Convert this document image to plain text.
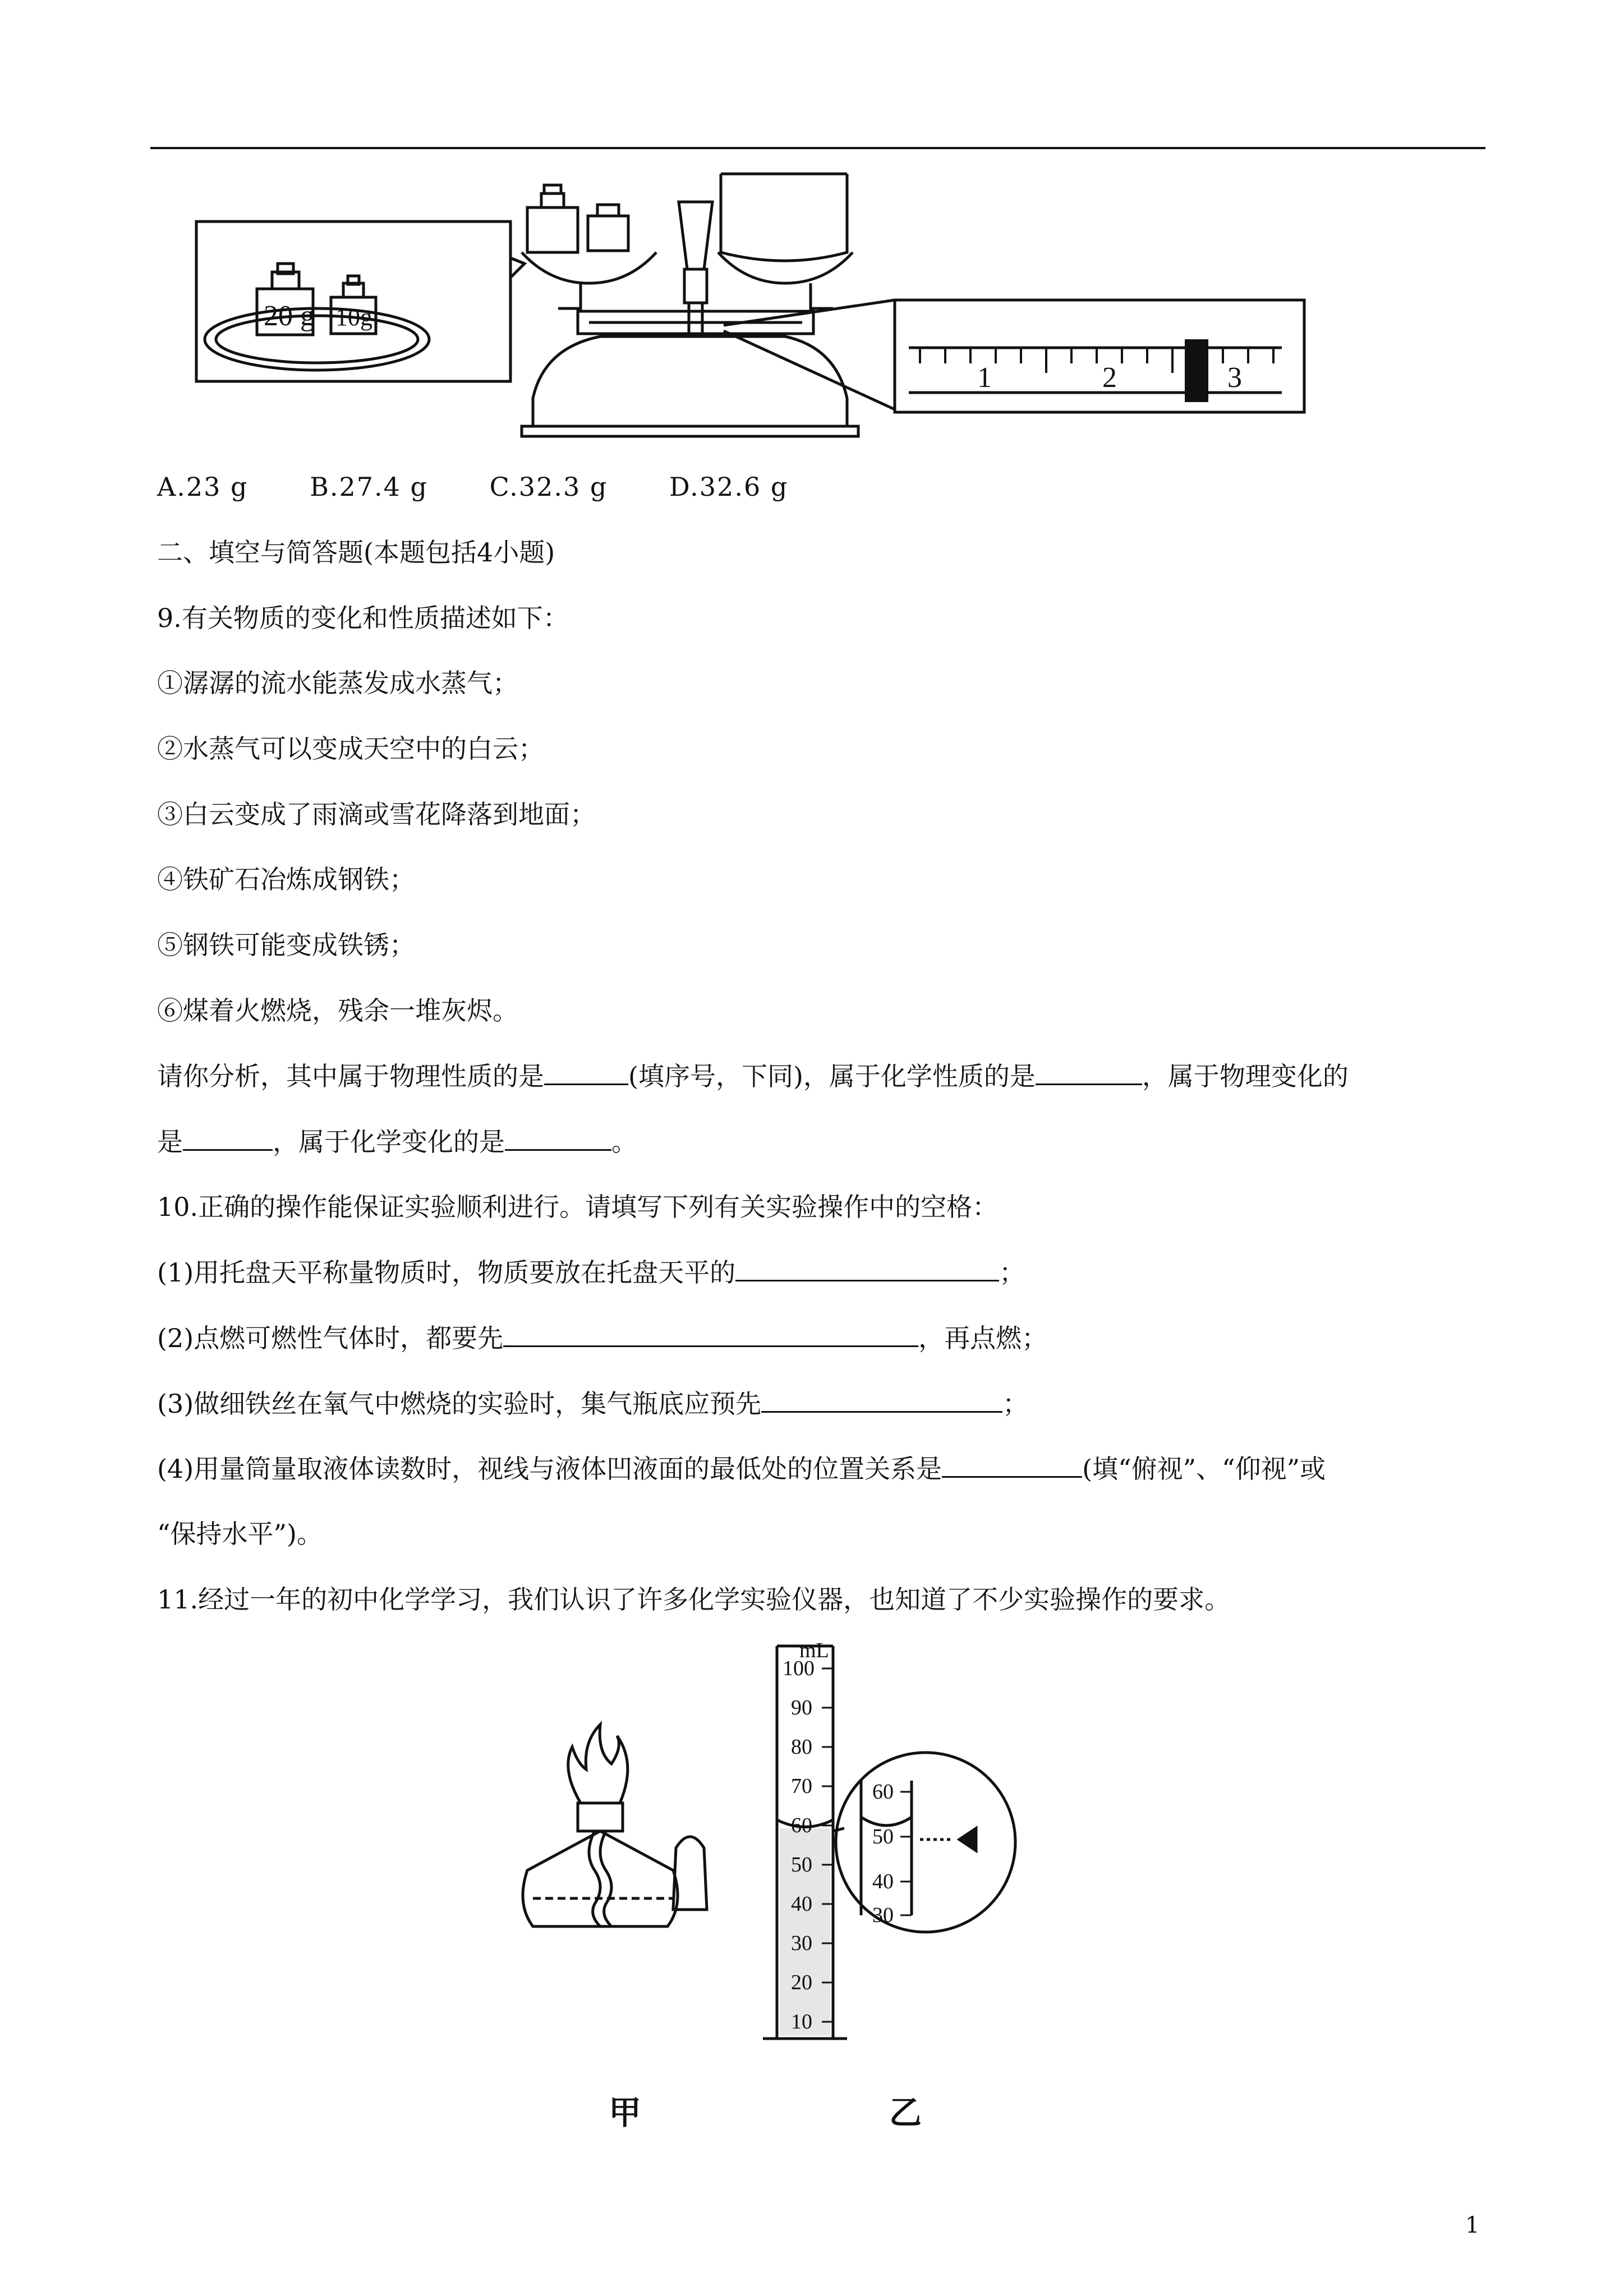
20 g 10g
1	2	3
A.23 g B.27.4 g C.32.3 g D.32.6 g
二、填空与简答题(本题包括4小题)
9.有关物质的变化和性质描述如下：
①潺潺的流水能蒸发成水蒸气；
②水蒸气可以变成天空中的白云；
③白云变成了雨滴或雪花降落到地面；
④铁矿石冶炼成钢铁；
⑤钢铁可能变成铁锈；
⑥煤着火燃烧，残余一堆灰烬。
请你分析，其中属于物理性质的是	(填序号，下同)，属于化学性质的是	，属于物理变化的
是	，属于化学变化的是	。
10.正确的操作能保证实验顺利进行。请填写下列有关实验操作中的空格：
(1)用托盘天平称量物质时，物质要放在托盘天平的	；
(2)点燃可燃性气体时，都要先	，再点燃；
(3)做细铁丝在氧气中燃烧的实验时，集气瓶底应预先	；
(4)用量筒量取液体读数时，视线与液体凹液面的最低处的位置关系是	(填“俯视”、“仰视”或
“保持水平”)。
11.经过一年的初中化学学习，我们认识了许多化学实验仪器，也知道了不少实验操作的要求。
mL
100
90
80
70
60
50
40
30
20
10
60
50
40
30
甲	乙
1
